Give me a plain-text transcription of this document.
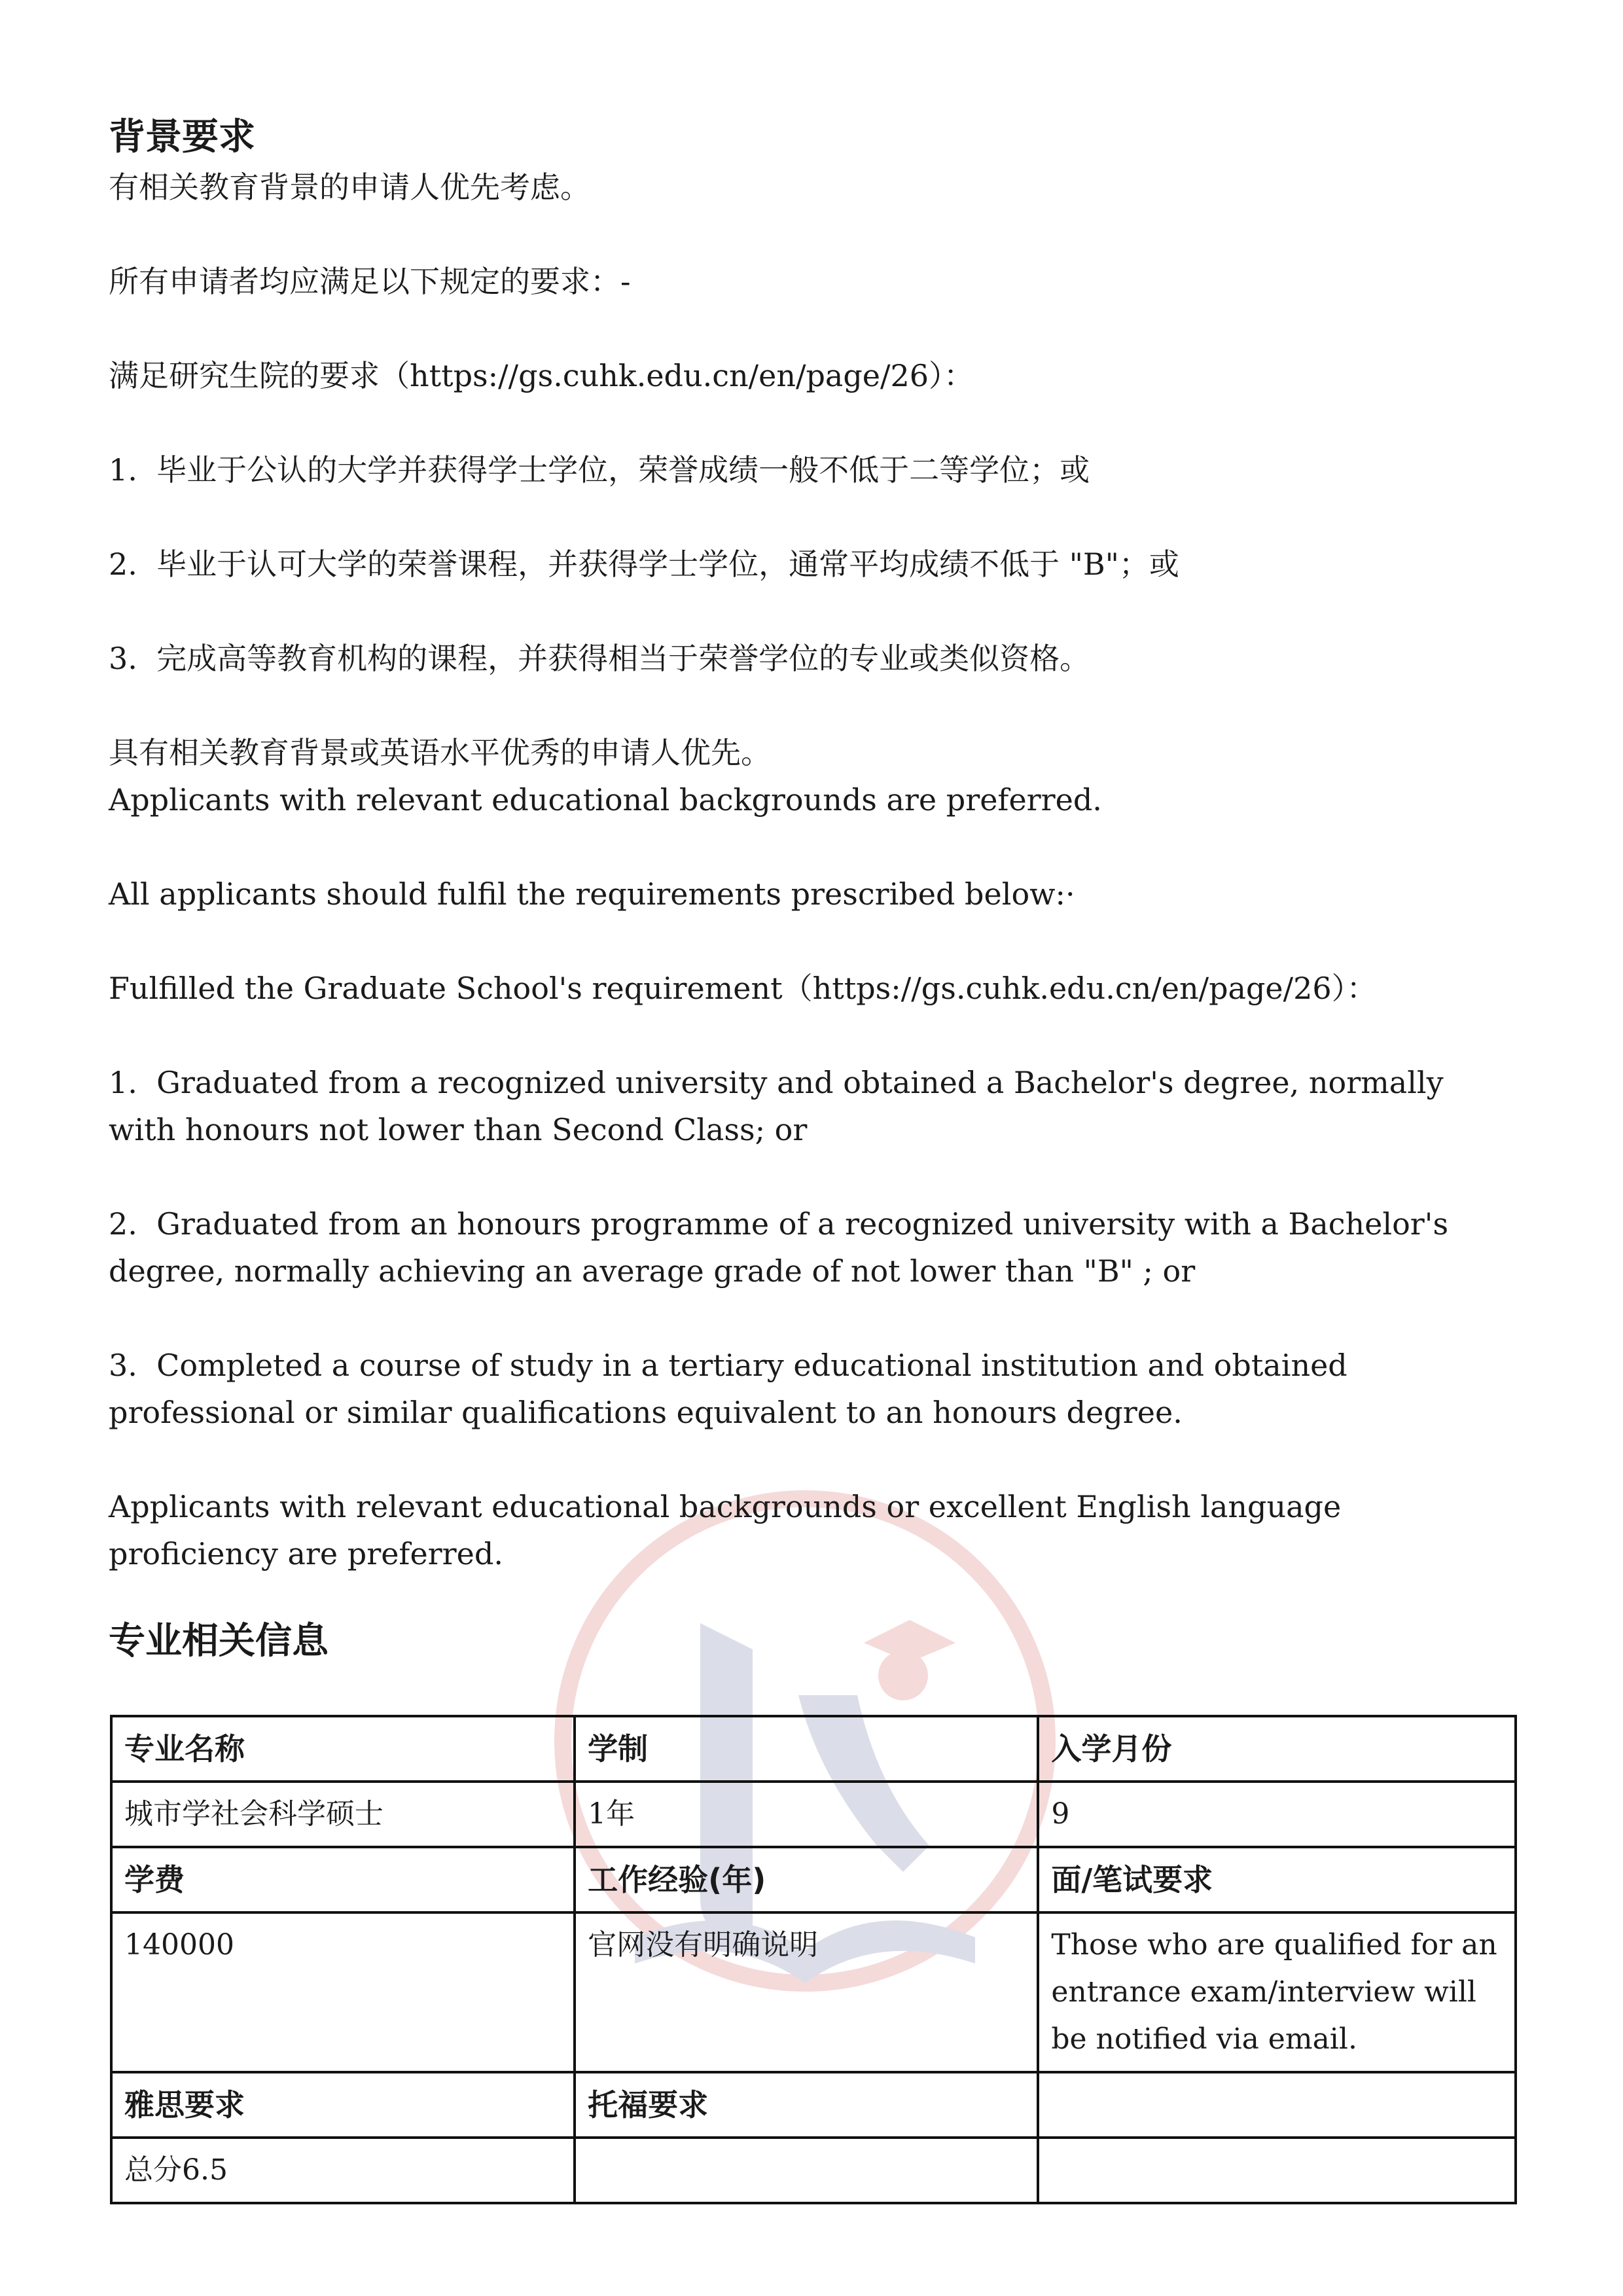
背景要求

有相关教育背景的申请人优先考虑。

所有申请者均应满足以下规定的要求：-

满足研究生院的要求（https://gs.cuhk.edu.cn/en/page/26）：

1.  毕业于公认的大学并获得学士学位，荣誉成绩一般不低于二等学位；或

2.  毕业于认可大学的荣誉课程，并获得学士学位，通常平均成绩不低于 "B"；或

3.  完成高等教育机构的课程，并获得相当于荣誉学位的专业或类似资格。

具有相关教育背景或英语水平优秀的申请人优先。

Applicants with relevant educational backgrounds are preferred.

All applicants should fulfil the requirements prescribed below:·

Fulfilled the Graduate School's requirement（https://gs.cuhk.edu.cn/en/page/26）：

1.  Graduated from a recognized university and obtained a Bachelor's degree, normally

with honours not lower than Second Class; or

2.  Graduated from an honours programme of a recognized university with a Bachelor's

degree, normally achieving an average grade of not lower than "B" ; or

3.  Completed a course of study in a tertiary educational institution and obtained

professional or similar qualifications equivalent to an honours degree.

Applicants with relevant educational backgrounds or excellent English language

proficiency are preferred.

专业相关信息
专业名称	学制	入学月份
城市学社会科学硕士	1年	9
学费	工作经验(年)	面/笔试要求
140000	官网没有明确说明	Those who are qualified for an entrance exam/interview will be notified via email.
雅思要求	托福要求	
总分6.5		
